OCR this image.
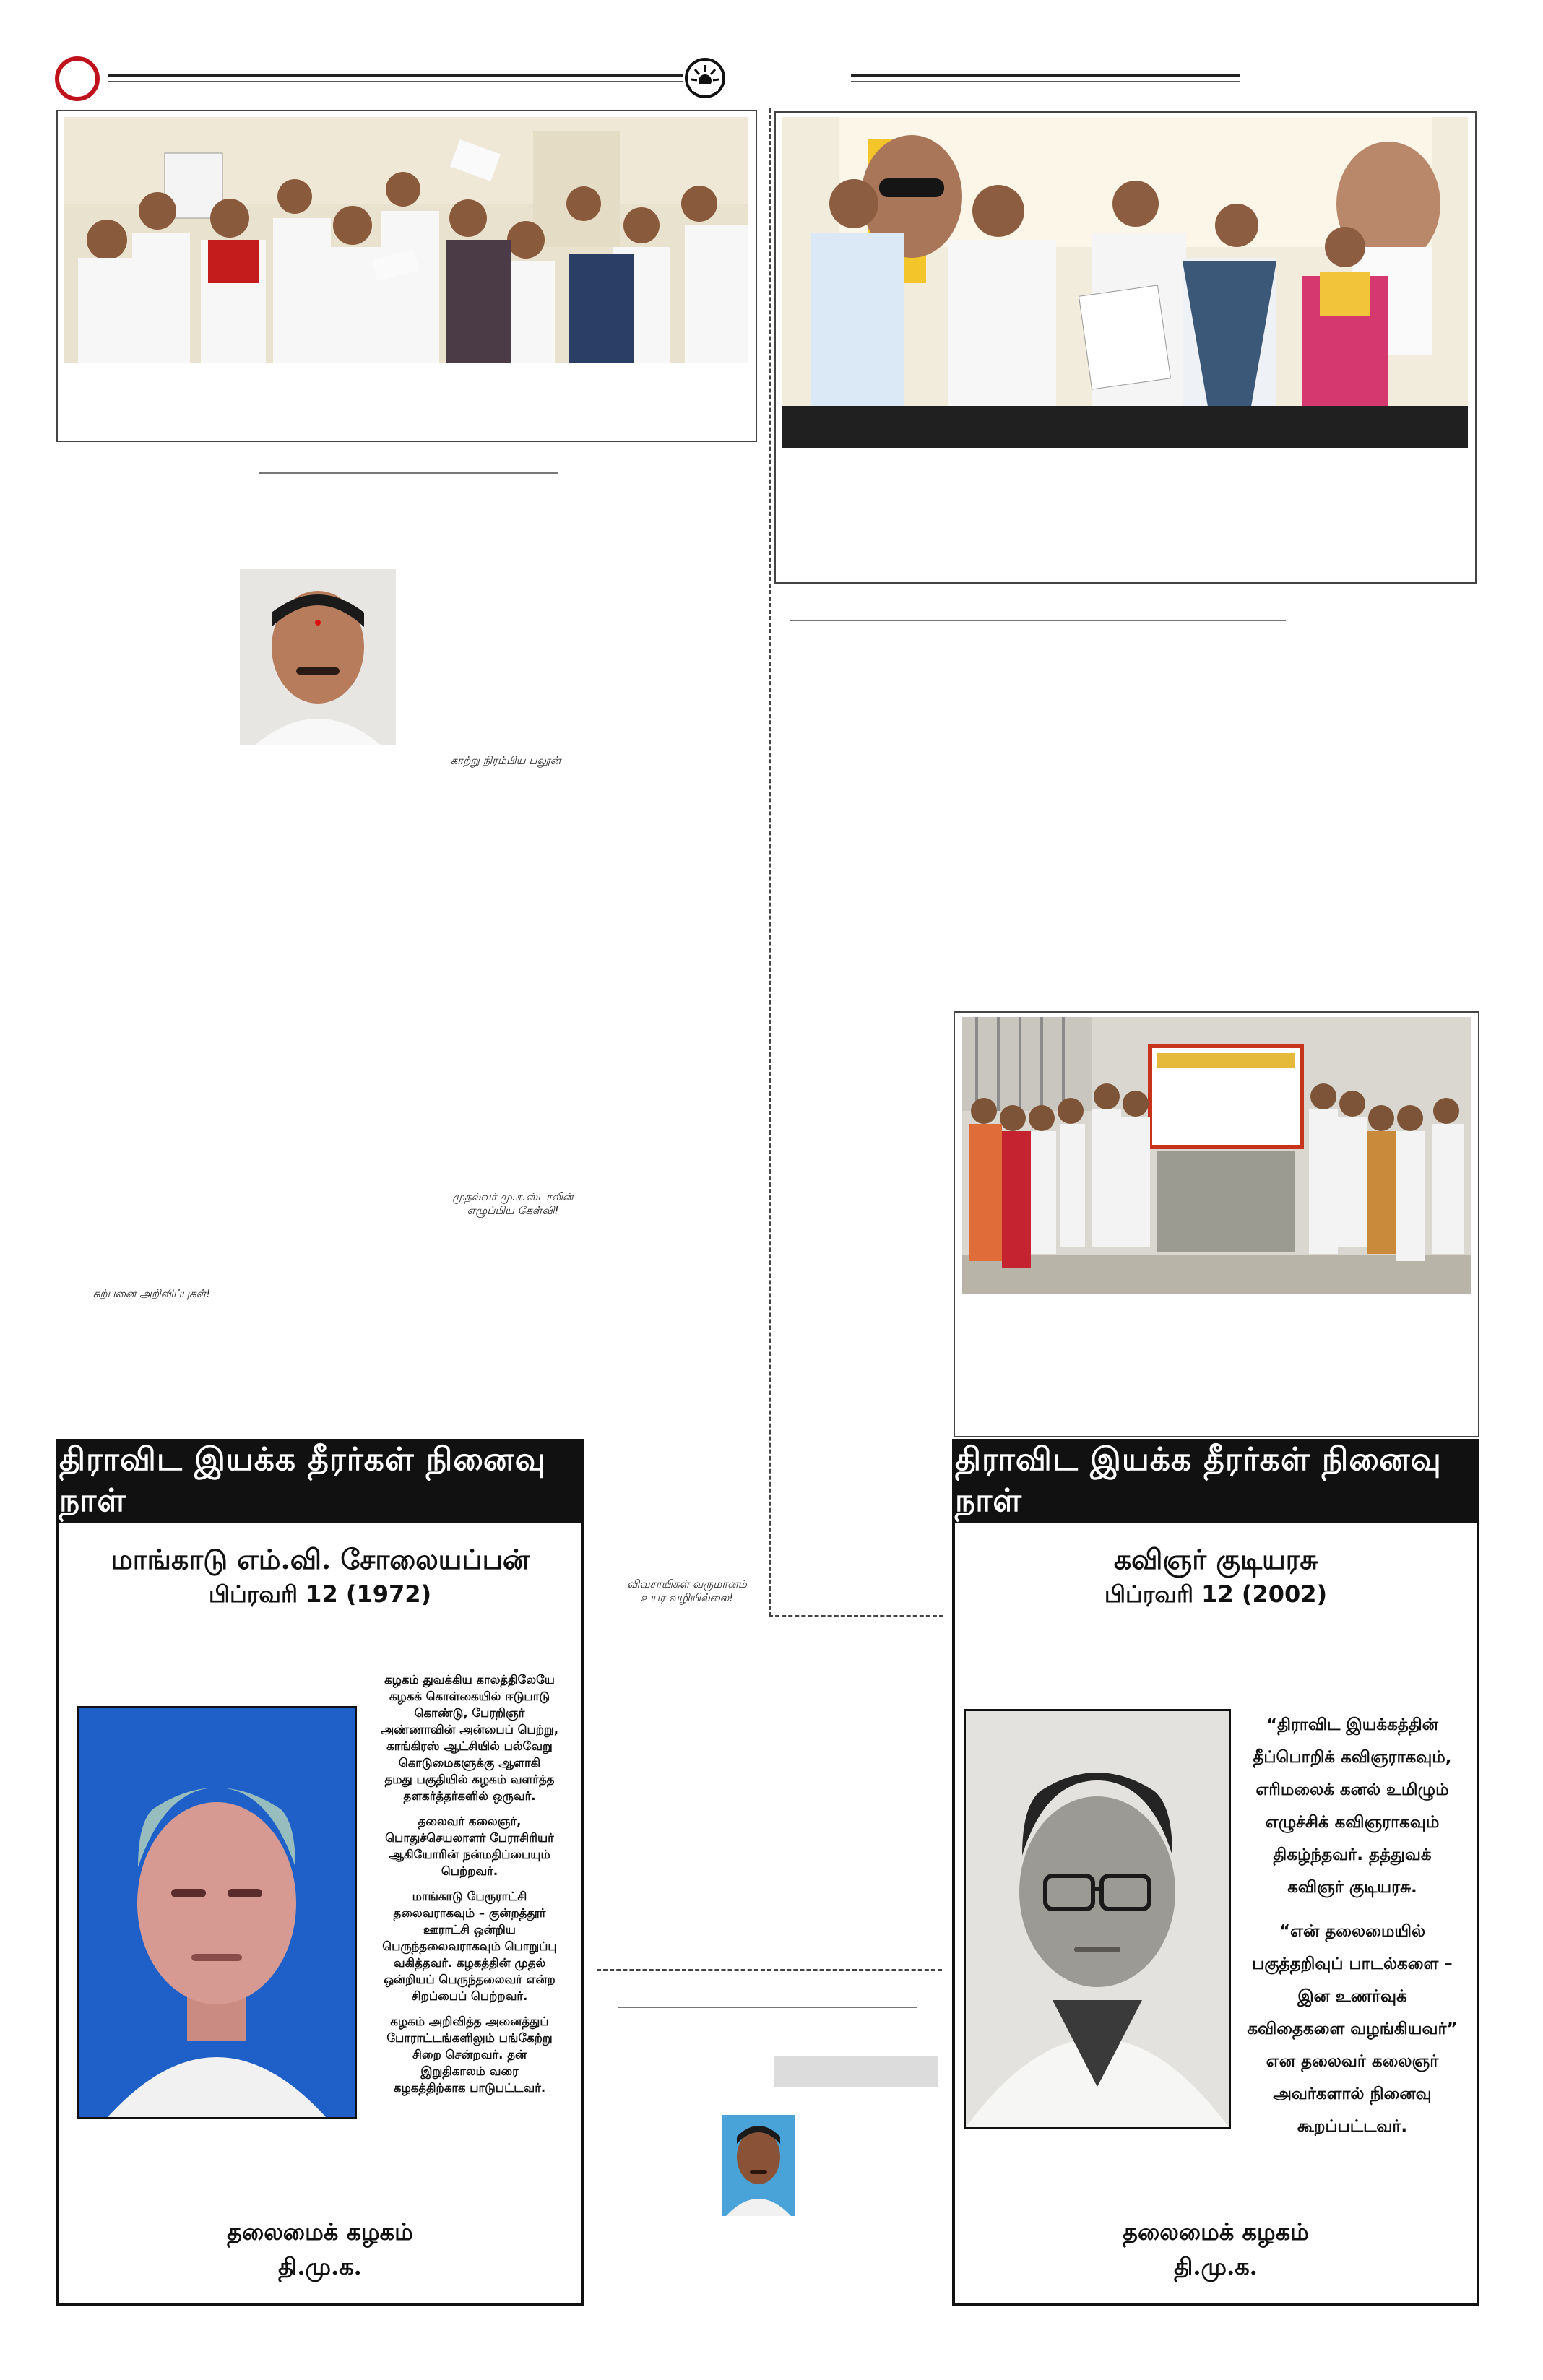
காற்று நிரம்பிய பலூன்
முதல்வர் மு.க.ஸ்டாலின்
எழுப்பிய கேள்வி!
கற்பனை அறிவிப்புகள்!
திராவிட இயக்க தீரர்கள் நினைவு நாள்
மாங்காடு எம்.வி. சோலையப்பன்
பிப்ரவரி 12 (1972)

கழகம் துவக்கிய காலத்திலேயே
கழகக் கொள்கையில் ஈடுபாடு
கொண்டு, பேரறிஞர்
அண்ணாவின் அன்பைப் பெற்று,
காங்கிரஸ் ஆட்சியில் பல்வேறு
கொடுமைகளுக்கு ஆளாகி
தமது பகுதியில் கழகம் வளர்த்த
தளகர்த்தர்களில் ஒருவர்.

தலைவர் கலைஞர்,
பொதுச்செயலாளர் பேராசிரியர்
ஆகியோரின் நன்மதிப்பையும்
பெற்றவர்.

மாங்காடு பேரூராட்சி
தலைவராகவும் – குன்றத்தூர்
ஊராட்சி ஒன்றிய
பெருந்தலைவராகவும் பொறுப்பு
வகித்தவர். கழகத்தின் முதல்
ஒன்றியப் பெருந்தலைவர் என்ற
சிறப்பைப் பெற்றவர்.

கழகம் அறிவித்த அனைத்துப்
போராட்டங்களிலும் பங்கேற்று
சிறை சென்றவர். தன்
இறுதிகாலம் வரை
கழகத்திற்காக பாடுபட்டவர்.

தலைமைக் கழகம்
தி.மு.க.
விவசாயிகள் வருமானம்
உயர வழியில்லை!
திராவிட இயக்க தீரர்கள் நினைவு நாள்
கவிஞர் குடியரசு
பிப்ரவரி 12 (2002)

“திராவிட இயக்கத்தின்
தீப்பொறிக் கவிஞராகவும்,
எரிமலைக் கனல் உமிழும்
எழுச்சிக் கவிஞராகவும்
திகழ்ந்தவர். தத்துவக்
கவிஞர் குடியரசு.

“என் தலைமையில்
பகுத்தறிவுப் பாடல்களை –
இன உணர்வுக்
கவிதைகளை வழங்கியவர்”
என தலைவர் கலைஞர்
அவர்களால் நினைவு
கூறப்பட்டவர்.

தலைமைக் கழகம்
தி.மு.க.
